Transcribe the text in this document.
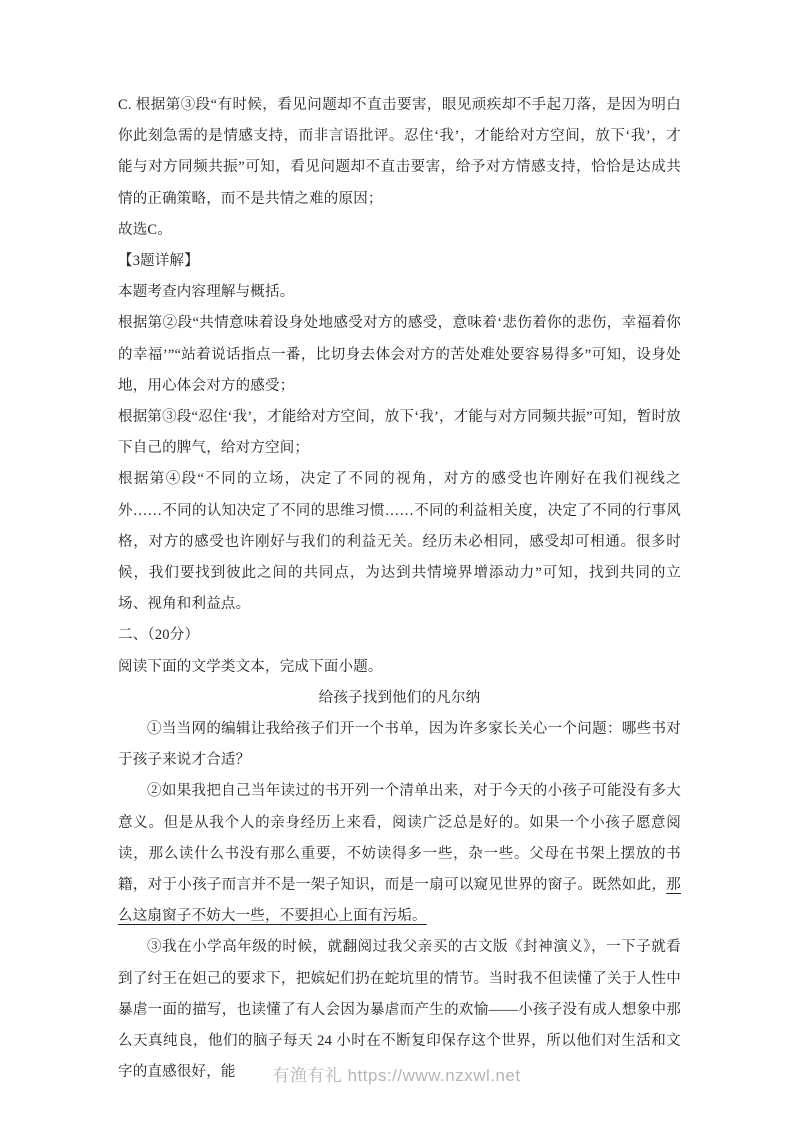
C. 根据第③段“有时候，看见问题却不直击要害，眼见顽疾却不手起刀落，是因为明白你此刻急需的是情感支持，而非言语批评。忍住‘我’，才能给对方空间，放下‘我’，才能与对方同频共振”可知，看见问题却不直击要害，给予对方情感支持，恰恰是达成共情的正确策略，而不是共情之难的原因；

故选C。

【3题详解】

本题考查内容理解与概括。

根据第②段“共情意味着设身处地感受对方的感受，意味着‘悲伤着你的悲伤，幸福着你的幸福’”“站着说话指点一番，比切身去体会对方的苦处难处要容易得多”可知，设身处地，用心体会对方的感受；

根据第③段“忍住‘我’，才能给对方空间，放下‘我’，才能与对方同频共振”可知，暂时放下自己的脾气，给对方空间；

根据第④段“不同的立场，决定了不同的视角，对方的感受也许刚好在我们视线之外……不同的认知决定了不同的思维习惯……不同的利益相关度，决定了不同的行事风格，对方的感受也许刚好与我们的利益无关。经历未必相同，感受却可相通。很多时候，我们要找到彼此之间的共同点，为达到共情境界增添动力”可知，找到共同的立场、视角和利益点。

二、（20分）

阅读下面的文学类文本，完成下面小题。

给孩子找到他们的凡尔纳

①当当网的编辑让我给孩子们开一个书单，因为许多家长关心一个问题：哪些书对于孩子来说才合适？

②如果我把自己当年读过的书开列一个清单出来，对于今天的小孩子可能没有多大意义。但是从我个人的亲身经历上来看，阅读广泛总是好的。如果一个小孩子愿意阅读，那么读什么书没有那么重要，不妨读得多一些，杂一些。父母在书架上摆放的书籍，对于小孩子而言并不是一架子知识，而是一扇可以窥见世界的窗子。既然如此，那么这扇窗子不妨大一些，不要担心上面有污垢。

③我在小学高年级的时候，就翻阅过我父亲买的古文版《封神演义》，一下子就看到了纣王在妲己的要求下，把嫔妃们扔在蛇坑里的情节。当时我不但读懂了关于人性中暴虐一面的描写，也读懂了有人会因为暴虐而产生的欢愉——小孩子没有成人想象中那么天真纯良，他们的脑子每天 24 小时在不断复印保存这个世界，所以他们对生活和文字的直感很好，能	有渔有礼 https://www.nzxwl.net
